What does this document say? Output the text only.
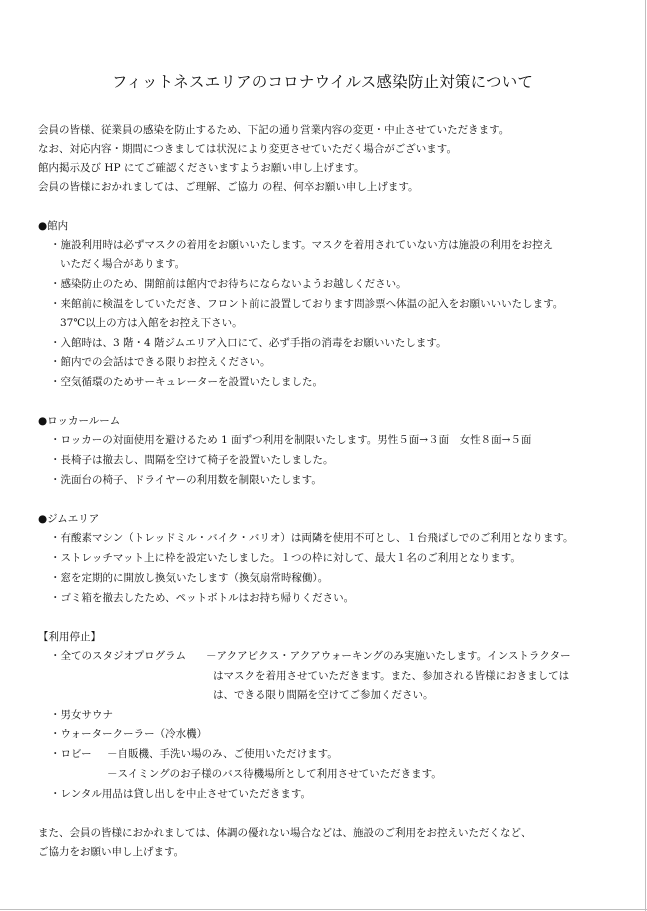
フィットネスエリアのコロナウイルス感染防止対策について
会員の皆様、従業員の感染を防止するため、下記の通り営業内容の変更・中止させていただきます。
なお、対応内容・期間につきましては状況により変更させていただく場合がございます。
館内掲示及び HP にてご確認くださいますようお願い申し上げます。
会員の皆様におかれましては、ご理解、ご協力 の程、何卒お願い申し上げます。
●館内
・施設利用時は必ずマスクの着用をお願いいたします。マスクを着用されていない方は施設の利用をお控え
いただく場合があります。
・感染防止のため、開館前は館内でお待ちにならないようお越しください。
・来館前に検温をしていただき、フロント前に設置しております問診票へ体温の記入をお願いいいたします。
37℃以上の方は入館をお控え下さい。
・入館時は、3 階・4 階ジムエリア入口にて、必ず手指の消毒をお願いいたします。
・館内での会話はできる限りお控えください。
・空気循環のためサーキュレーターを設置いたしました。
●ロッカールーム
・ロッカーの対面使用を避けるため 1 面ずつ利用を制限いたします。男性５面→３面　女性８面→５面
・長椅子は撤去し、間隔を空けて椅子を設置いたしました。
・洗面台の椅子、ドライヤーの利用数を制限いたします。
●ジムエリア
・有酸素マシン（トレッドミル・バイク・バリオ）は両隣を使用不可とし、１台飛ばしでのご利用となります。
・ストレッチマット上に枠を設定いたしました。１つの枠に対して、最大１名のご利用となります。
・窓を定期的に開放し換気いたします（換気扇常時稼働）。
・ゴミ箱を撤去したため、ペットボトルはお持ち帰りください。
【利用停止】
・全てのスタジオプログラム －アクアビクス・アクアウォーキングのみ実施いたします。インストラクター
はマスクを着用させていただきます。また、参加される皆様におきましては
は、できる限り間隔を空けてご参加ください。
・男女サウナ
・ウォータークーラー（冷水機）
・ロビー －自販機、手洗い場のみ、ご使用いただけます。
－スイミングのお子様のバス待機場所として利用させていただきます。
・レンタル用品は貸し出しを中止させていただきます。
また、会員の皆様におかれましては、体調の優れない場合などは、施設のご利用をお控えいただくなど、
ご協力をお願い申し上げます。
